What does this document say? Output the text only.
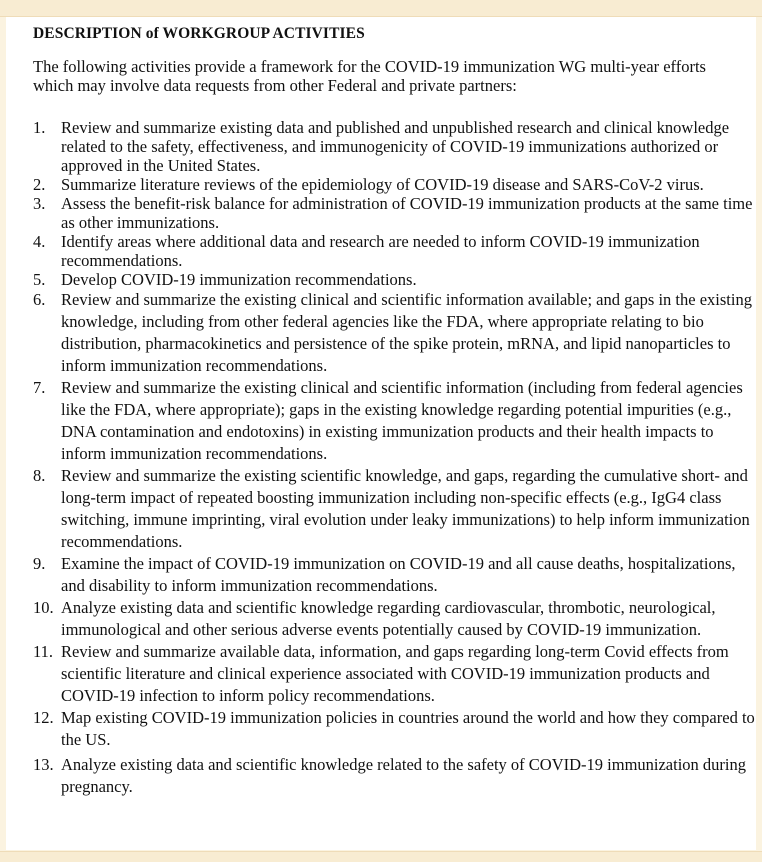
DESCRIPTION of WORKGROUP ACTIVITIES

The following activities provide a framework for the COVID-19 immunization WG multi-year efforts which may involve data requests from other Federal and private partners:

1. Review and summarize existing data and published and unpublished research and clinical knowledge related to the safety, effectiveness, and immunogenicity of COVID-19 immunizations authorized or approved in the United States.
2. Summarize literature reviews of the epidemiology of COVID-19 disease and SARS-CoV-2 virus.
3. Assess the benefit-risk balance for administration of COVID-19 immunization products at the same time as other immunizations.
4. Identify areas where additional data and research are needed to inform COVID-19 immunization recommendations.
5. Develop COVID-19 immunization recommendations.
6. Review and summarize the existing clinical and scientific information available; and gaps in the existing knowledge, including from other federal agencies like the FDA, where appropriate relating to bio distribution, pharmacokinetics and persistence of the spike protein, mRNA, and lipid nanoparticles to inform immunization recommendations.
7. Review and summarize the existing clinical and scientific information (including from federal agencies like the FDA, where appropriate); gaps in the existing knowledge regarding potential impurities (e.g., DNA contamination and endotoxins) in existing immunization products and their health impacts to inform immunization recommendations.
8. Review and summarize the existing scientific knowledge, and gaps, regarding the cumulative short- and long-term impact of repeated boosting immunization including non-specific effects (e.g., IgG4 class switching, immune imprinting, viral evolution under leaky immunizations) to help inform immunization recommendations.
9. Examine the impact of COVID-19 immunization on COVID-19 and all cause deaths, hospitalizations, and disability to inform immunization recommendations.
10. Analyze existing data and scientific knowledge regarding cardiovascular, thrombotic, neurological, immunological and other serious adverse events potentially caused by COVID-19 immunization.
11. Review and summarize available data, information, and gaps regarding long-term Covid effects from scientific literature and clinical experience associated with COVID-19 immunization products and COVID-19 infection to inform policy recommendations.
12. Map existing COVID-19 immunization policies in countries around the world and how they compared to the US.
13. Analyze existing data and scientific knowledge related to the safety of COVID-19 immunization during pregnancy.
